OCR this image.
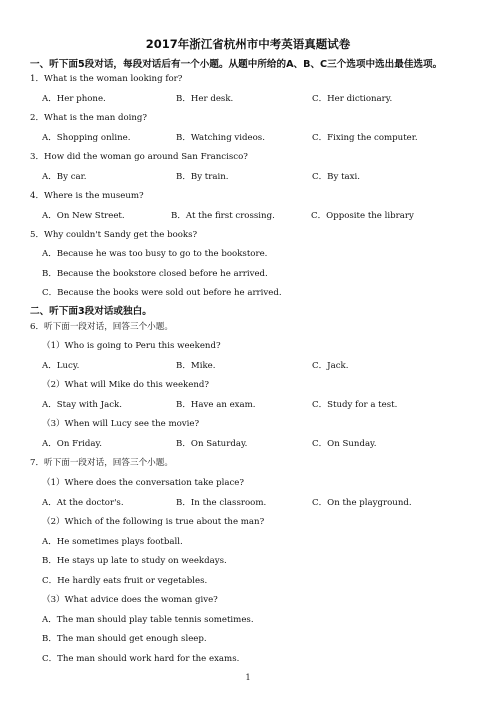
2017年浙江省杭州市中考英语真题试卷
一、听下面5段对话，每段对话后有一个小题。从题中所给的A、B、C三个选项中选出最佳选项。
1．What is the woman looking for?
A．Her phone.	B．Her desk.	C．Her dictionary.
2．What is the man doing?
A．Shopping online.	B．Watching videos.	C．Fixing the computer.
3．How did the woman go around San Francisco?
A．By car.	B．By train.	C．By taxi.
4．Where is the museum?
A．On New Street.	B．At the first crossing.	C．Opposite the library
5．Why couldn't Sandy get the books?
A．Because he was too busy to go to the bookstore.
B．Because the bookstore closed before he arrived.
C．Because the books were sold out before he arrived.
二、听下面3段对话或独白。
6．听下面一段对话，回答三个小题。
（1）Who is going to Peru this weekend?
A．Lucy.	B．Mike.	C．Jack.
（2）What will Mike do this weekend?
A．Stay with Jack.	B．Have an exam.	C．Study for a test.
（3）When will Lucy see the movie?
A．On Friday.	B．On Saturday.	C．On Sunday.
7．听下面一段对话，回答三个小题。
（1）Where does the conversation take place?
A．At the doctor's.	B．In the classroom.	C．On the playground.
（2）Which of the following is true about the man?
A．He sometimes plays football.
B．He stays up late to study on weekdays.
C．He hardly eats fruit or vegetables.
（3）What advice does the woman give?
A．The man should play table tennis sometimes.
B．The man should get enough sleep.
C．The man should work hard for the exams.
1
